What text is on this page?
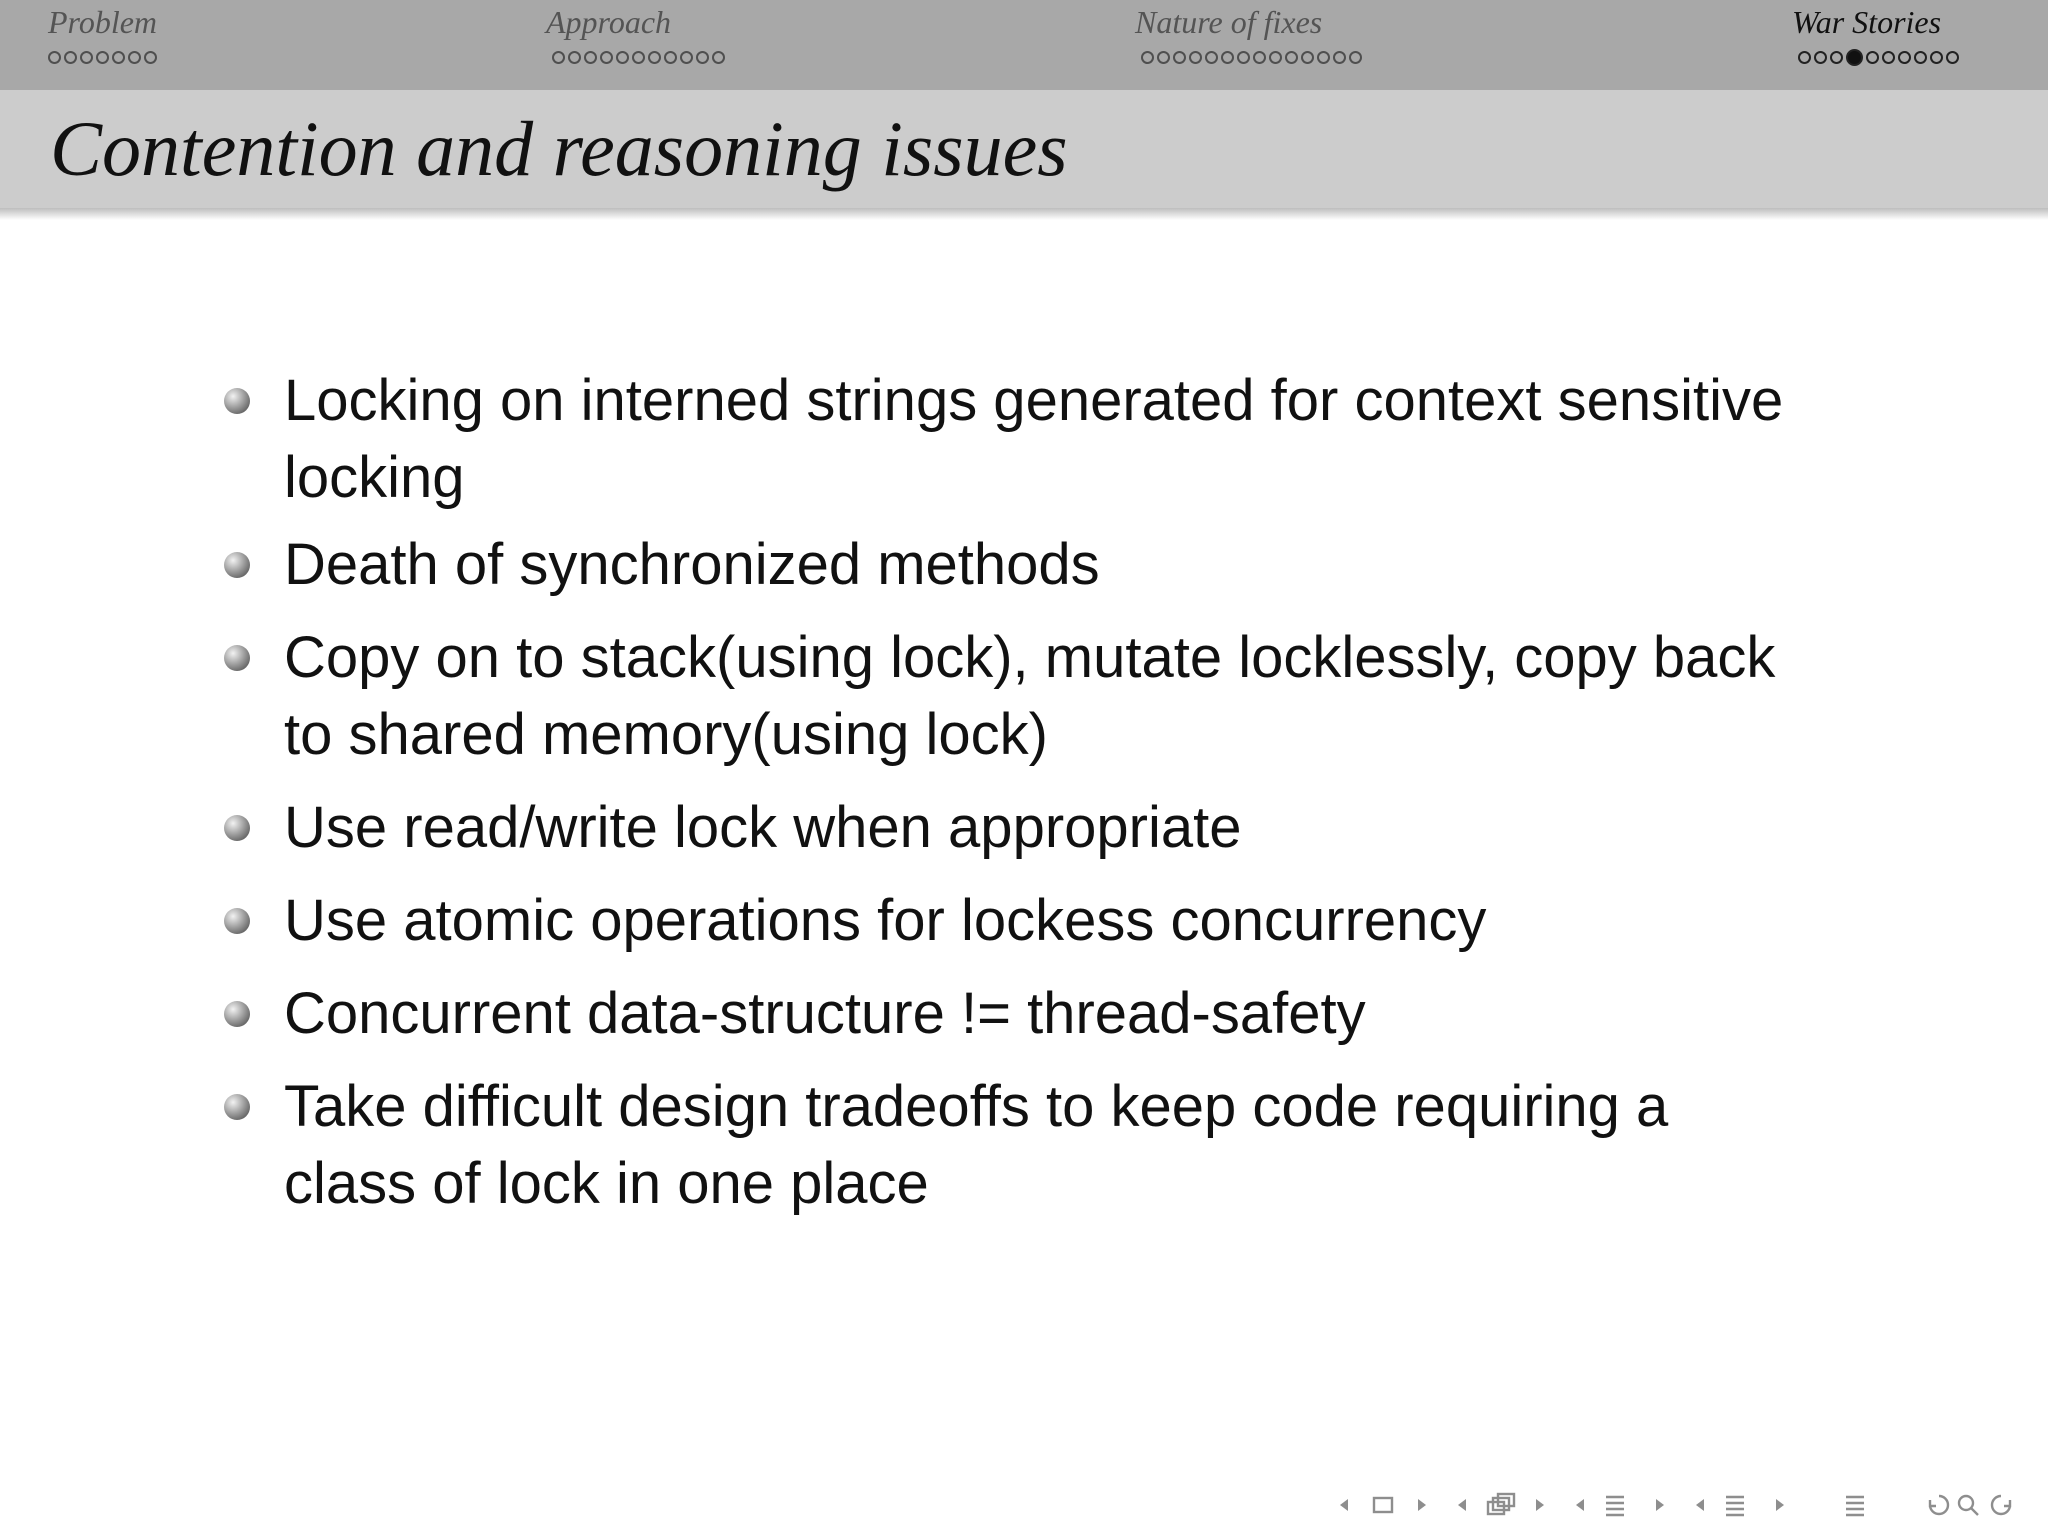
Problem	Approach	Nature of fixes	War Stories
Contention and reasoning issues
Locking on interned strings generated for context sensitive
locking
Death of synchronized methods
Copy on to stack(using lock), mutate locklessly, copy back
to shared memory(using lock)
Use read/write lock when appropriate
Use atomic operations for lockess concurrency
Concurrent data-structure != thread-safety
Take difficult design tradeoffs to keep code requiring a
class of lock in one place
